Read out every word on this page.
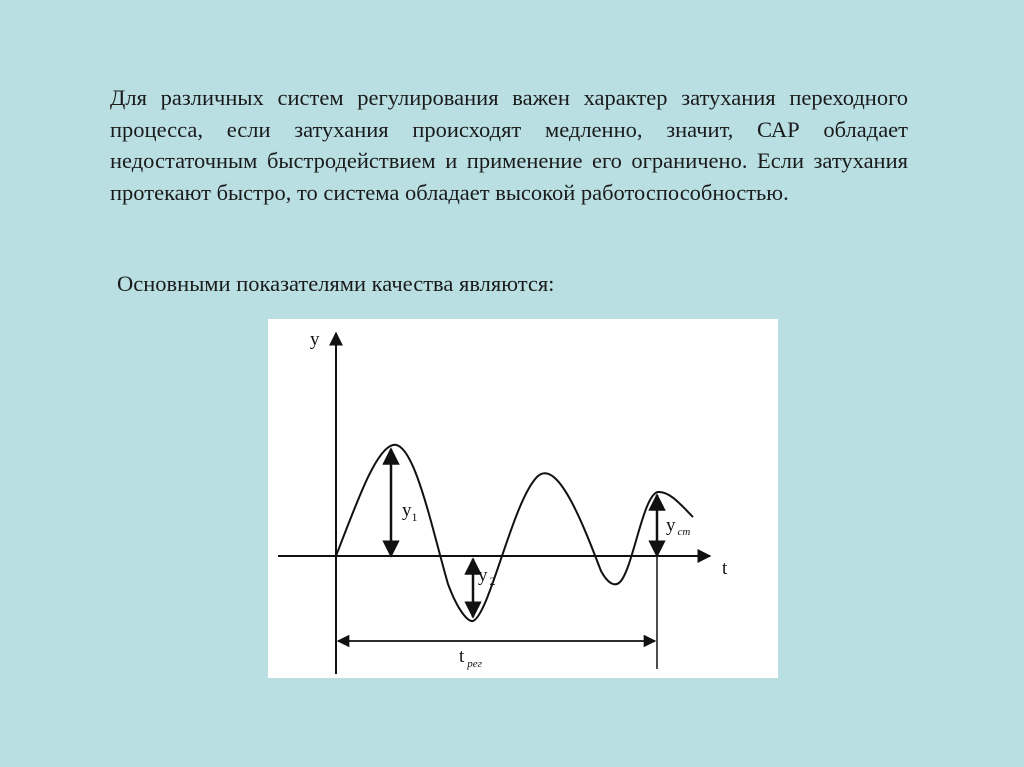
Для различных систем регулирования важен характер затухания переходного процесса, если затухания происходят медленно, значит, САР обладает недостаточным быстродействием и применение его ограничено. Если затухания протекают быстро, то система обладает высокой работоспособностью.

Основными показателями качества являются:

y
t
$y_1$
y $_2$
y $_{ст}$
t $_{рег}$
